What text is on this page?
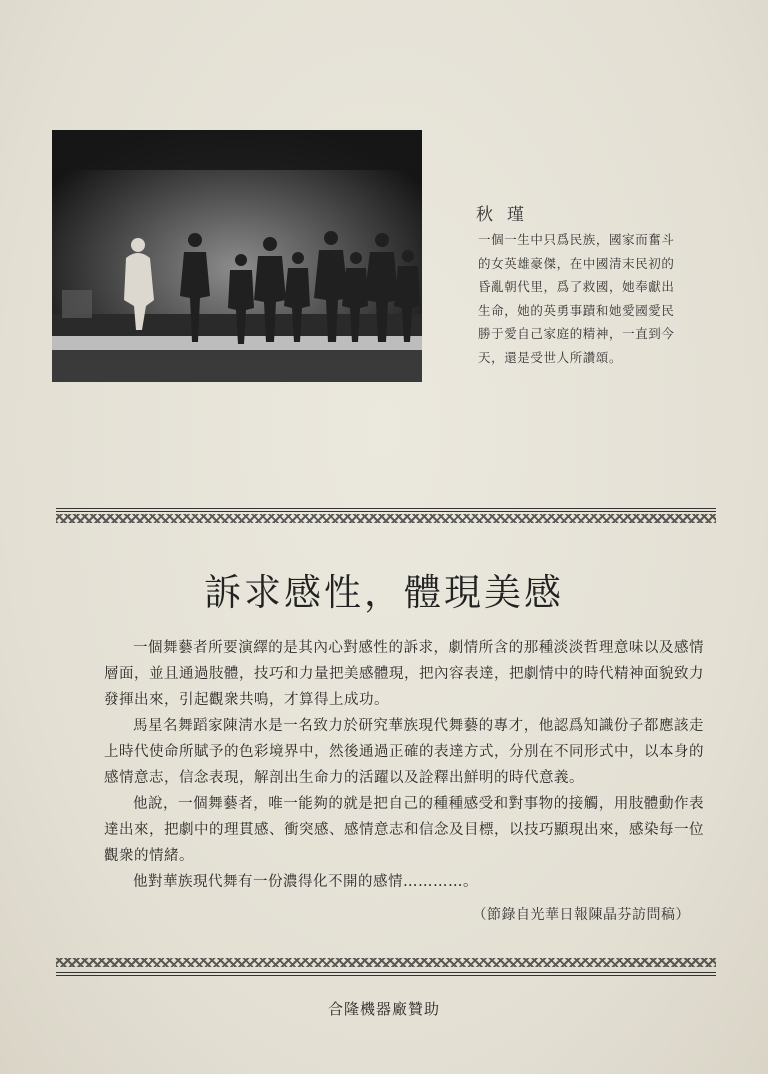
秋瑾
一個一生中只爲民族，國家而奮斗
的女英雄豪傑，在中國清末民初的
昏亂朝代里，爲了救國，她奉獻出
生命，她的英勇事蹟和她愛國愛民
勝于愛自己家庭的精神，一直到今
天，還是受世人所讚頌。
訴求感性，體現美感

一個舞藝者所要演繹的是其內心對感性的訴求，劇情所含的那種淡淡哲理意味以及感情層面，並且通過肢體，技巧和力量把美感體現，把內容表達，把劇情中的時代精神面貌致力發揮出來，引起觀衆共鳴，才算得上成功。

馬星名舞蹈家陳淸水是一名致力於研究華族現代舞藝的專才，他認爲知識份子都應該走上時代使命所賦予的色彩境界中，然後通過正確的表達方式，分別在不同形式中，以本身的感情意志，信念表現，解剖出生命力的活躍以及詮釋出鮮明的時代意義。

他說，一個舞藝者，唯一能夠的就是把自己的種種感受和對事物的接觸，用肢體動作表達出來，把劇中的理貫感、衝突感、感情意志和信念及目標，以技巧顯現出來，感染每一位觀衆的情緒。

他對華族現代舞有一份濃得化不開的感情…………。

（節錄自光華日報陳晶芬訪問稿）
合隆機器廠贊助
